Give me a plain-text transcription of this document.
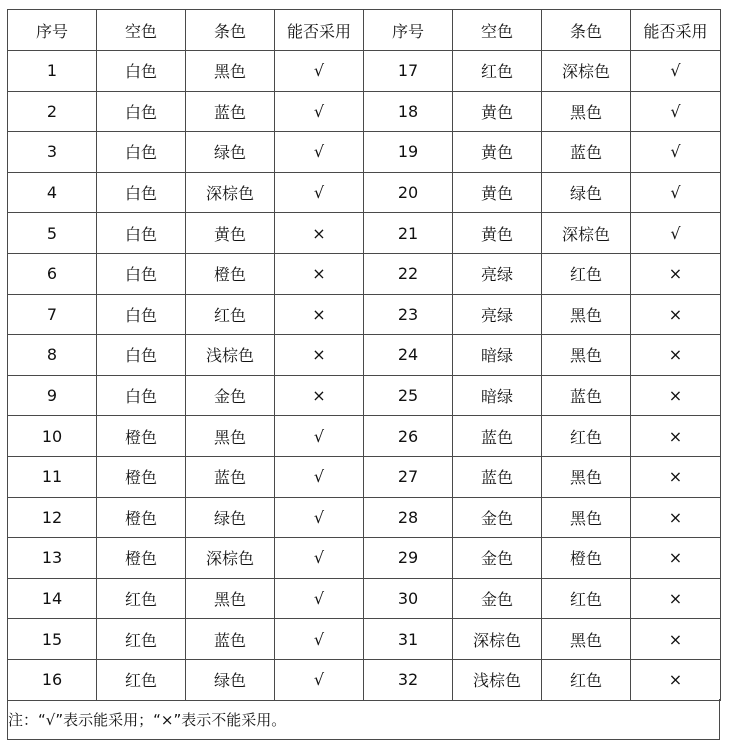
序号	空色	条色	能否采用	序号	空色	条色	能否采用
1	白色	黑色	√	17	红色	深棕色	√
2	白色	蓝色	√	18	黄色	黑色	√
3	白色	绿色	√	19	黄色	蓝色	√
4	白色	深棕色	√	20	黄色	绿色	√
5	白色	黄色	×	21	黄色	深棕色	√
6	白色	橙色	×	22	亮绿	红色	×
7	白色	红色	×	23	亮绿	黑色	×
8	白色	浅棕色	×	24	暗绿	黑色	×
9	白色	金色	×	25	暗绿	蓝色	×
10	橙色	黑色	√	26	蓝色	红色	×
11	橙色	蓝色	√	27	蓝色	黑色	×
12	橙色	绿色	√	28	金色	黑色	×
13	橙色	深棕色	√	29	金色	橙色	×
14	红色	黑色	√	30	金色	红色	×
15	红色	蓝色	√	31	深棕色	黑色	×
16	红色	绿色	√	32	浅棕色	红色	×
注：“√”表示能采用；“×”表示不能采用。
